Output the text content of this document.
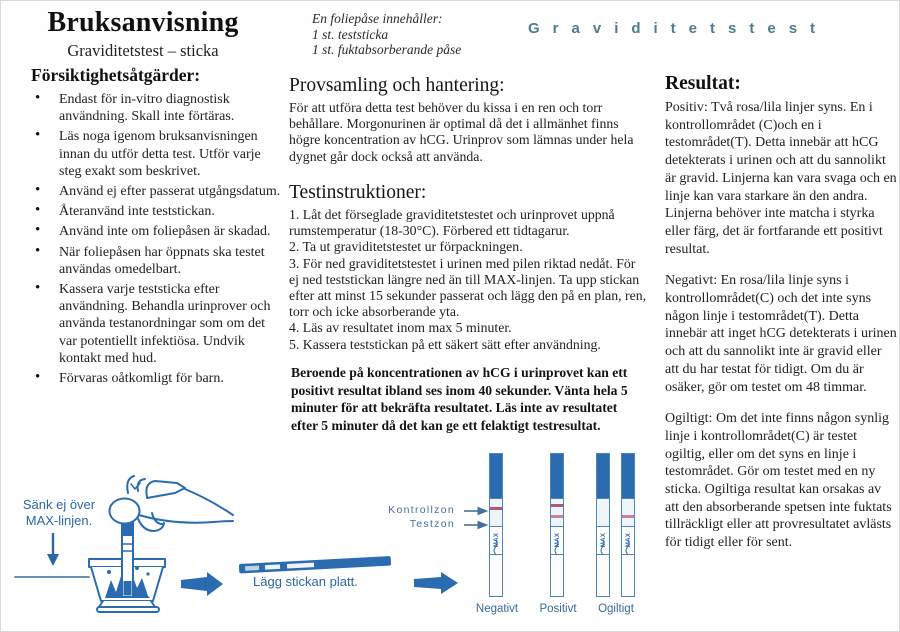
Bruksanvisning
Graviditetstest – sticka
En foliepåse innehåller:
1 st. teststicka
1 st. fuktabsorberande påse
Graviditetstest
Försiktighetsåtgärder:
• Endast för in-vitro diagnostisk användning. Skall inte förtäras.
• Läs noga igenom bruksanvisningen innan du utför detta test. Utför varje steg exakt som beskrivet.
• Använd ej efter passerat utgångsdatum.
• Återanvänd inte teststickan.
• Använd inte om foliepåsen är skadad.
• När foliepåsen har öppnats ska testet användas omedelbart.
• Kassera varje teststicka efter användning. Behandla urinprover och använda testanordningar som om det var potentiellt infektiösa. Undvik kontakt med hud.
• Förvaras oåtkomligt för barn.
Provsamling och hantering:
För att utföra detta test behöver du kissa i en ren och torr behållare. Morgonurinen är optimal då det i allmänhet finns högre koncentration av hCG. Urinprov som lämnas under hela dygnet går dock också att använda.
Testinstruktioner:
1. Låt det förseglade graviditetstestet och urinprovet uppnå rumstemperatur (18-30°C). Förbered ett tidtagarur.
2. Ta ut graviditetstestet ur förpackningen.
3. För ned graviditetstestet i urinen med pilen riktad nedåt. För ej ned teststickan längre ned än till MAX-linjen. Ta upp stickan efter att minst 15 sekunder passerat och lägg den på en plan, ren, torr och icke absorberande yta.
4. Läs av resultatet inom max 5 minuter.
5. Kassera teststickan på ett säkert sätt efter användning.
Beroende på koncentrationen av hCG i urinprovet kan ett positivt resultat ibland ses inom 40 sekunder. Vänta hela 5 minuter för att bekräfta resultatet. Läs inte av resultatet efter 5 minuter då det kan ge ett felaktigt testresultat.
Resultat:

Positiv: Två rosa/lila linjer syns. En i kontrollområdet (C)och en i testområdet(T). Detta innebär att hCG detekterats i urinen och att du sannolikt är gravid. Linjerna kan vara svaga och en linje kan vara starkare än den andra. Linjerna behöver inte matcha i styrka eller färg, det är fortfarande ett positivt resultat.

Negativt: En rosa/lila linje syns i kontrollområdet(C) och det inte syns någon linje i testområdet(T). Detta innebär att inget hCG detekterats i urinen och att du sannolikt inte är gravid eller att du har testat för tidigt. Om du är osäker, gör om testet om 48 timmar.

Ogiltigt: Om det inte finns någon synlig linje i kontrollområdet(C) är testet ogiltig, eller om det syns en linje i testområdet. Gör om testet med en ny sticka. Ogiltiga resultat kan orsakas av att den absorberande spetsen inte fuktats tillräckligt eller att provresultatet avlästs för tidigt eller för sent.

Sänk ej över
MAX-linjen.
Lägg stickan platt.
Kontrollzon
Testzon
MAX	MAX	MAX MAX
Negativt	Positivt	Ogiltigt
